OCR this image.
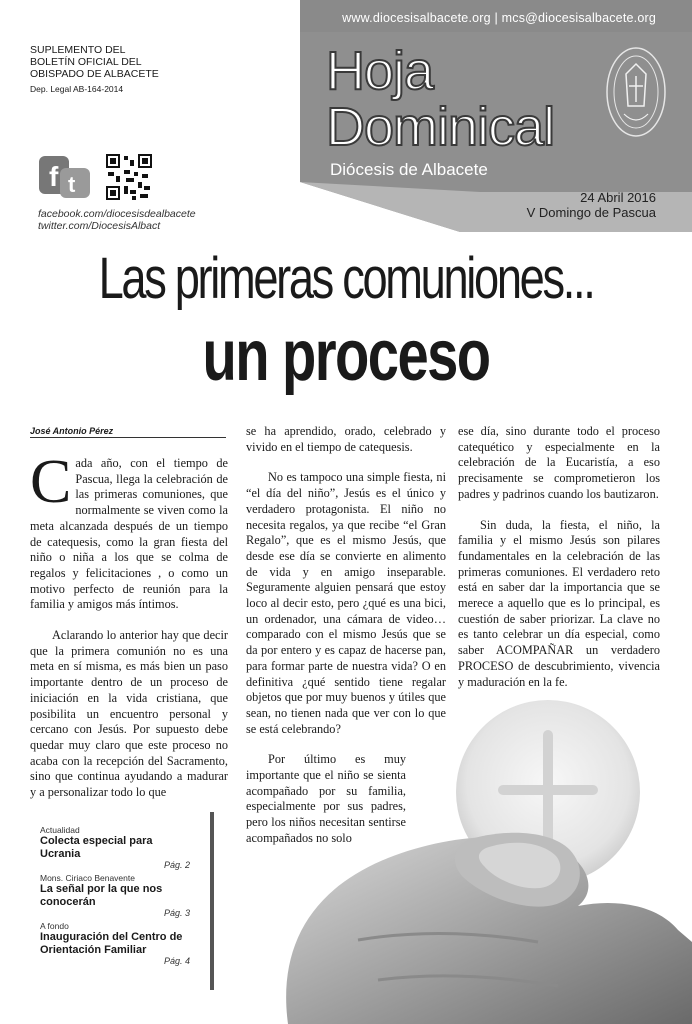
www.diocesisalbacete.org | mcs@diocesisalbacete.org
SUPLEMENTO DEL
BOLETÍN OFICIAL DEL
OBISPADO DE ALBACETE
Dep. Legal AB-164-2014	Hoja
Dominical
Diócesis de Albacete
24 Abril 2016
V Domingo de Pascua
f t
facebook.com/diocesisdealbacete
twitter.com/DiocesisAlbact
Las primeras comuniones...
un proceso
José Antonio Pérez

Cada año, con el tiempo de Pascua, llega la celebración de las primeras comuniones, que normalmente se viven como la meta alcanzada después de un tiempo de catequesis, como la gran fiesta del niño o niña a los que se colma de regalos y felicitaciones , o como un motivo perfecto de reunión para la familia y amigos más íntimos.

Aclarando lo anterior hay que decir que la primera comunión no es una meta en sí misma, es más bien un paso importante dentro de un proceso de iniciación en la vida cristiana, que posibilita un encuentro personal y cercano con Jesús. Por supuesto debe quedar muy claro que este proceso no acaba con la recepción del Sacramento, sino que continua ayudando a madurar y a personalizar todo lo que

se ha aprendido, orado, celebrado y vivido en el tiempo de catequesis.

No es tampoco una simple fiesta, ni “el día del niño”, Jesús es el único y verdadero protagonista. El niño no necesita regalos, ya que recibe “el Gran Regalo”, que es el mismo Jesús, que desde ese día se convierte en alimento de vida y en amigo inseparable. Seguramente alguien pensará que estoy loco al decir esto, pero ¿qué es una bici, un ordenador, una cámara de video… comparado con el mismo Jesús que se da por entero y es capaz de hacerse pan, para formar parte de nuestra vida? O en definitiva ¿qué sentido tiene regalar objetos que por muy buenos y útiles que sean, no tienen nada que ver con lo que se está celebrando?

Por último es muy importante que el niño se sienta acompañado por su familia, especialmente por sus padres, pero los niños necesitan sentirse acompañados no solo

ese día, sino durante todo el proceso catequético y especialmente en la celebración de la Eucaristía, a eso precisamente se comprometieron los padres y padrinos cuando los bautizaron.

Sin duda, la fiesta, el niño, la familia y el mismo Jesús son pilares fundamentales en la celebración de las primeras comuniones. El verdadero reto está en saber dar la importancia que se merece a aquello que es lo principal, es cuestión de saber priorizar. La clave no es tanto celebrar un día especial, como saber ACOMPAÑAR un verdadero PROCESO de descubrimiento, vivencia y maduración en la fe.

Actualidad
Colecta especial para Ucrania
Pág. 2
Mons. Ciriaco Benavente
La señal por la que nos conocerán
Pág. 3
A fondo
Inauguración del Centro de Orientación Familiar
Pág. 4
